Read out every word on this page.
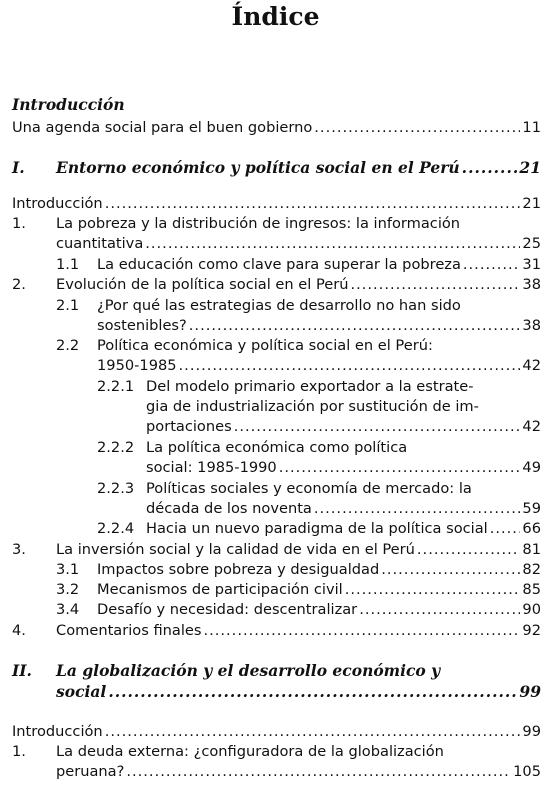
Índice
Introducción
Una agenda social para el buen gobierno .....	11
I.	Entorno económico y política social en el Perú .....	21
Introducción .....	21
1.	La pobreza y la distribución de ingresos: la información
cuantitativa .....	25
1.1	La educación como clave para superar la pobreza .....	31
2.	Evolución de la política social en el Perú .....	38
2.1	¿Por qué las estrategias de desarrollo no han sido
sostenibles? .....	38
2.2	Política económica y política social en el Perú:
1950-1985 .....	42
2.2.1 Del modelo primario exportador a la estrate-
gia de industrialización por sustitución de im-
portaciones .....	42
2.2.2 La política económica como política
social: 1985-1990 .....	49
2.2.3 Políticas sociales y economía de mercado: la
década de los noventa .....	59
2.2.4 Hacia un nuevo paradigma de la política social ..... 66
3.	La inversión social y la calidad de vida en el Perú .....	81
3.1	Impactos sobre pobreza y desigualdad .....	82
3.2	Mecanismos de participación civil .....	85
3.4	Desafío y necesidad: descentralizar .....	90
4.	Comentarios finales .....	92
II.	La globalización y el desarrollo económico y
social .....	99
Introducción .....	99
1.	La deuda externa: ¿configuradora de la globalización
peruana? .....	105
